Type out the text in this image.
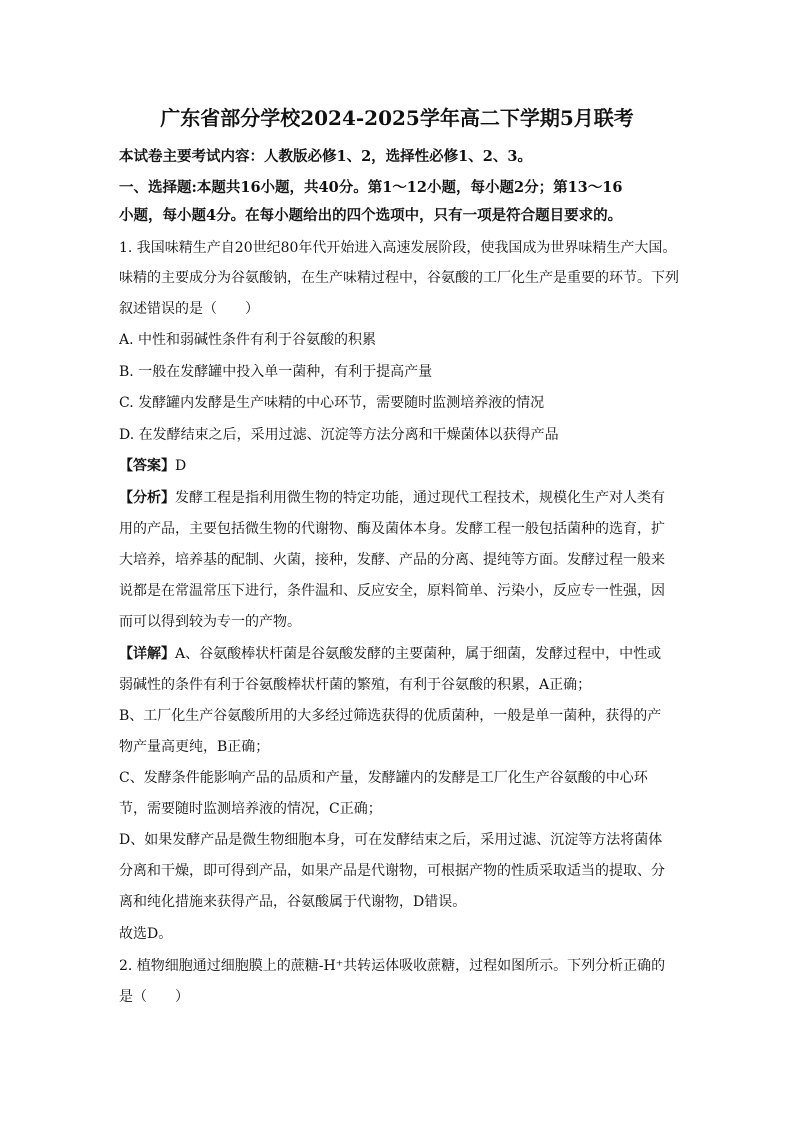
广东省部分学校2024-2025学年高二下学期5月联考
本试卷主要考试内容：人教版必修1、2，选择性必修1、2、3。
一、选择题:本题共16小题，共40分。第1～12小题，每小题2分；第13～16
小题，每小题4分。在每小题给出的四个选项中，只有一项是符合题目要求的。
1. 我国味精生产自20世纪80年代开始进入高速发展阶段，使我国成为世界味精生产大国。
味精的主要成分为谷氨酸钠，在生产味精过程中，谷氨酸的工厂化生产是重要的环节。下列
叙述错误的是（　　）
A. 中性和弱碱性条件有利于谷氨酸的积累
B. 一般在发酵罐中投入单一菌种，有利于提高产量
C. 发酵罐内发酵是生产味精的中心环节，需要随时监测培养液的情况
D. 在发酵结束之后，采用过滤、沉淀等方法分离和干燥菌体以获得产品
【答案】D
【分析】发酵工程是指利用微生物的特定功能，通过现代工程技术，规模化生产对人类有
用的产品，主要包括微生物的代谢物、酶及菌体本身。发酵工程一般包括菌种的选育，扩
大培养，培养基的配制、火菌，接种，发酵、产品的分离、提纯等方面。发酵过程一般来
说都是在常温常压下进行，条件温和、反应安全，原料简单、污染小，反应专一性强，因
而可以得到较为专一的产物。
【详解】A、谷氨酸棒状杆菌是谷氨酸发酵的主要菌种，属于细菌，发酵过程中，中性或
弱碱性的条件有利于谷氨酸棒状杆菌的繁殖，有利于谷氨酸的积累，A正确；
B、工厂化生产谷氨酸所用的大多经过筛选获得的优质菌种，一般是单一菌种，获得的产
物产量高更纯，B正确；
C、发酵条件能影响产品的品质和产量，发酵罐内的发酵是工厂化生产谷氨酸的中心环
节，需要随时监测培养液的情况，C正确；
D、如果发酵产品是微生物细胞本身，可在发酵结束之后，采用过滤、沉淀等方法将菌体
分离和干燥，即可得到产品，如果产品是代谢物，可根据产物的性质采取适当的提取、分
离和纯化措施来获得产品，谷氨酸属于代谢物，D错误。
故选D。
2. 植物细胞通过细胞膜上的蔗糖-H⁺共转运体吸收蔗糖，过程如图所示。下列分析正确的
是（　　）
